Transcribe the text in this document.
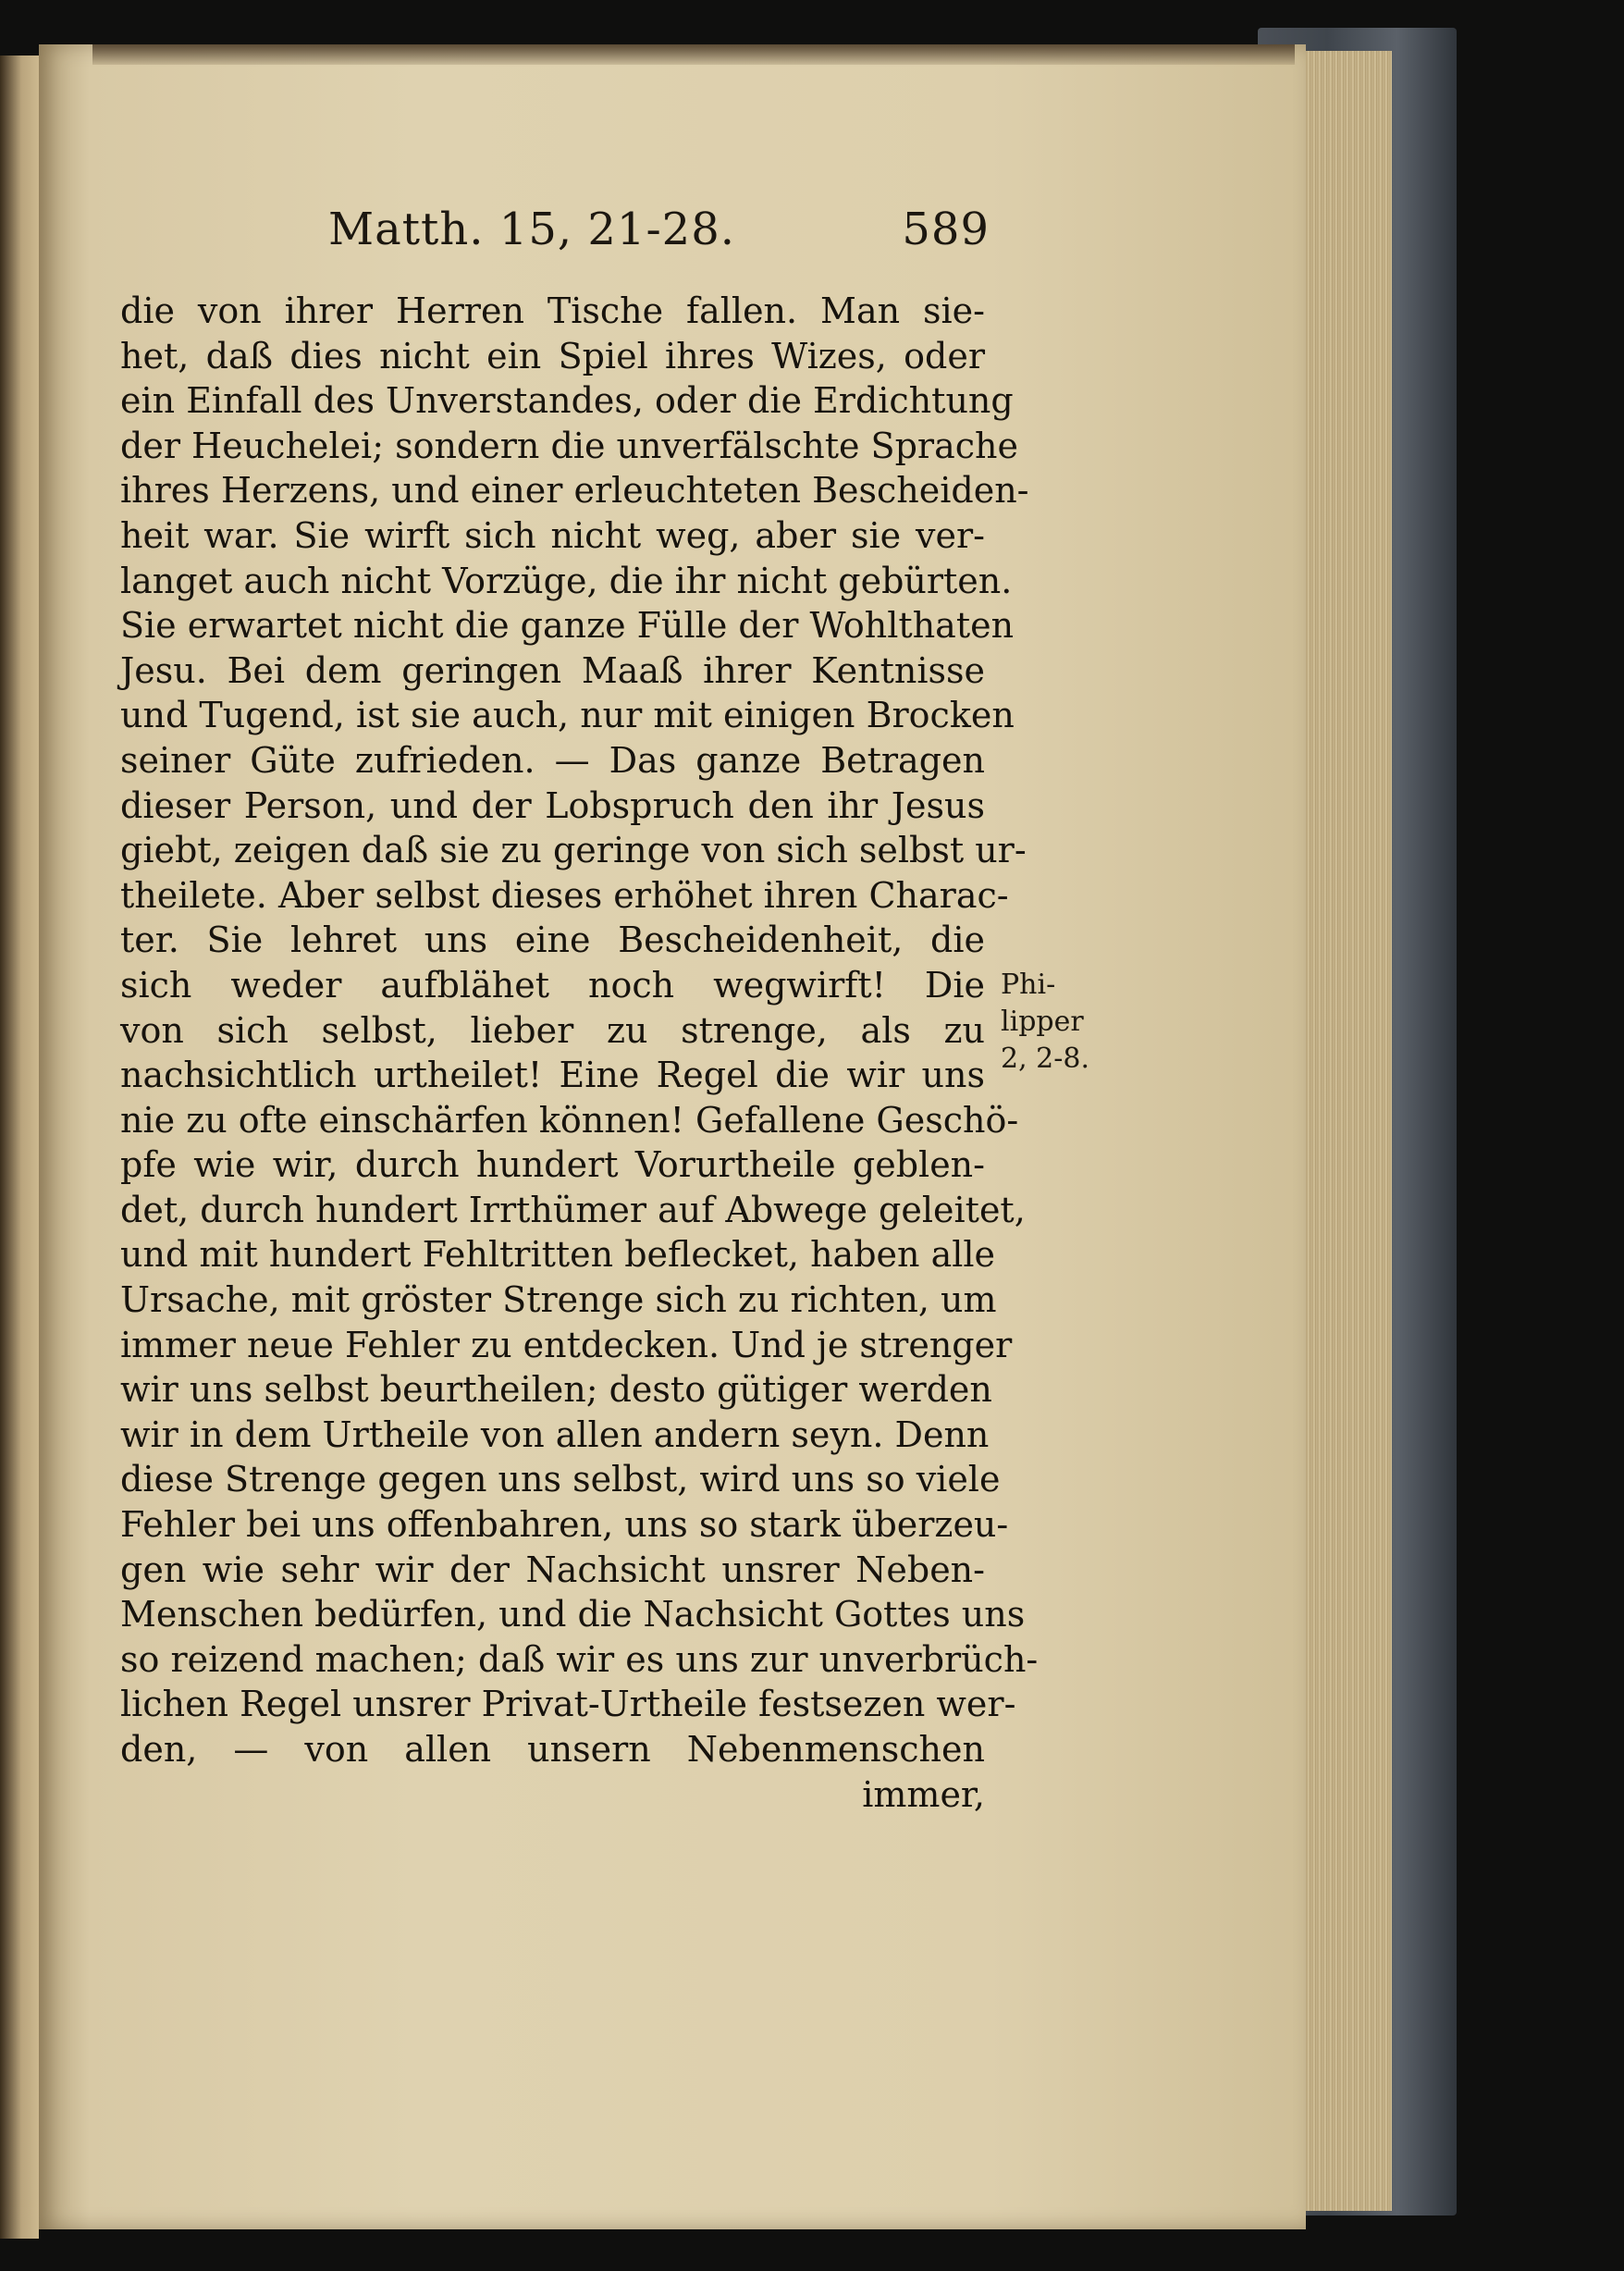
Matth. 15, 21-28.	589
die von ihrer Herren Tische fallen. Man sie-
het, daß dies nicht ein Spiel ihres Wizes, oder
ein Einfall des Unverstandes, oder die Erdichtung
der Heuchelei; sondern die unverfälschte Sprache
ihres Herzens, und einer erleuchteten Bescheiden-
heit war. Sie wirft sich nicht weg, aber sie ver-
langet auch nicht Vorzüge, die ihr nicht gebürten.
Sie erwartet nicht die ganze Fülle der Wohlthaten
Jesu. Bei dem geringen Maaß ihrer Kentnisse
und Tugend, ist sie auch, nur mit einigen Brocken
seiner Güte zufrieden. — Das ganze Betragen
dieser Person, und der Lobspruch den ihr Jesus
giebt, zeigen daß sie zu geringe von sich selbst ur-
theilete. Aber selbst dieses erhöhet ihren Charac-
ter. Sie lehret uns eine Bescheidenheit, die
sich weder aufblähet noch wegwirft! Die
von sich selbst, lieber zu strenge, als zu
nachsichtlich urtheilet! Eine Regel die wir uns
nie zu ofte einschärfen können! Gefallene Geschö-
pfe wie wir, durch hundert Vorurtheile geblen-
det, durch hundert Irrthümer auf Abwege geleitet,
und mit hundert Fehltritten beflecket, haben alle
Ursache, mit gröster Strenge sich zu richten, um
immer neue Fehler zu entdecken. Und je strenger
wir uns selbst beurtheilen; desto gütiger werden
wir in dem Urtheile von allen andern seyn. Denn
diese Strenge gegen uns selbst, wird uns so viele
Fehler bei uns offenbahren, uns so stark überzeu-
gen wie sehr wir der Nachsicht unsrer Neben-
Menschen bedürfen, und die Nachsicht Gottes uns
so reizend machen; daß wir es uns zur unverbrüch-
lichen Regel unsrer Privat-Urtheile festsezen wer-
den, — von allen unsern Nebenmenschen
immer,
Phi-
lipper
2, 2-8.
